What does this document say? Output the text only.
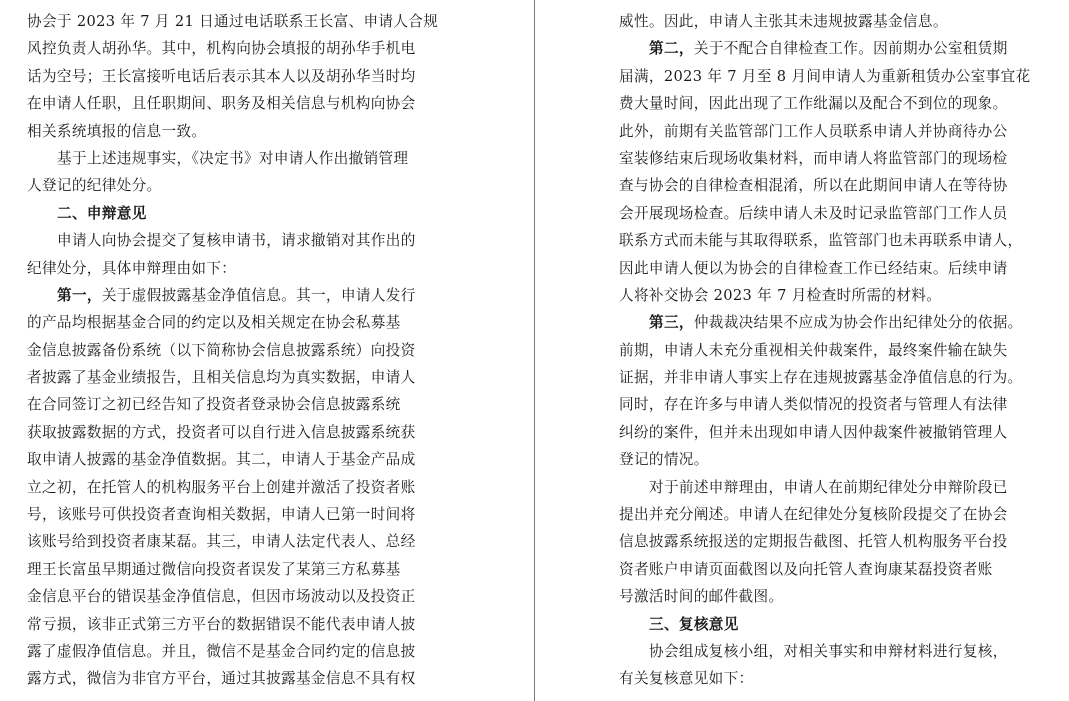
协会于 2023 年 7 月 21 日通过电话联系王长富、申请人合规
风控负责人胡孙华。其中，机构向协会填报的胡孙华手机电
话为空号；王长富接听电话后表示其本人以及胡孙华当时均
在申请人任职，且任职期间、职务及相关信息与机构向协会
相关系统填报的信息一致。
基于上述违规事实，《决定书》对申请人作出撤销管理
人登记的纪律处分。
二、申辩意见
申请人向协会提交了复核申请书，请求撤销对其作出的
纪律处分，具体申辩理由如下：
第一，关于虚假披露基金净值信息。其一，申请人发行
的产品均根据基金合同的约定以及相关规定在协会私募基
金信息披露备份系统（以下简称协会信息披露系统）向投资
者披露了基金业绩报告，且相关信息均为真实数据，申请人
在合同签订之初已经告知了投资者登录协会信息披露系统
获取披露数据的方式，投资者可以自行进入信息披露系统获
取申请人披露的基金净值数据。其二，申请人于基金产品成
立之初，在托管人的机构服务平台上创建并激活了投资者账
号，该账号可供投资者查询相关数据，申请人已第一时间将
该账号给到投资者康某磊。其三，申请人法定代表人、总经
理王长富虽早期通过微信向投资者误发了某第三方私募基
金信息平台的错误基金净值信息，但因市场波动以及投资正
常亏损，该非正式第三方平台的数据错误不能代表申请人披
露了虚假净值信息。并且，微信不是基金合同约定的信息披
露方式，微信为非官方平台，通过其披露基金信息不具有权
威性。因此，申请人主张其未违规披露基金信息。
第二，关于不配合自律检查工作。因前期办公室租赁期
届满，2023 年 7 月至 8 月间申请人为重新租赁办公室事宜花
费大量时间，因此出现了工作纰漏以及配合不到位的现象。
此外，前期有关监管部门工作人员联系申请人并协商待办公
室装修结束后现场收集材料，而申请人将监管部门的现场检
查与协会的自律检查相混淆，所以在此期间申请人在等待协
会开展现场检查。后续申请人未及时记录监管部门工作人员
联系方式而未能与其取得联系，监管部门也未再联系申请人，
因此申请人便以为协会的自律检查工作已经结束。后续申请
人将补交协会 2023 年 7 月检查时所需的材料。
第三，仲裁裁决结果不应成为协会作出纪律处分的依据。
前期，申请人未充分重视相关仲裁案件，最终案件输在缺失
证据，并非申请人事实上存在违规披露基金净值信息的行为。
同时，存在许多与申请人类似情况的投资者与管理人有法律
纠纷的案件，但并未出现如申请人因仲裁案件被撤销管理人
登记的情况。
对于前述申辩理由，申请人在前期纪律处分申辩阶段已
提出并充分阐述。申请人在纪律处分复核阶段提交了在协会
信息披露系统报送的定期报告截图、托管人机构服务平台投
资者账户申请页面截图以及向托管人查询康某磊投资者账
号激活时间的邮件截图。
三、复核意见
协会组成复核小组，对相关事实和申辩材料进行复核，
有关复核意见如下：
